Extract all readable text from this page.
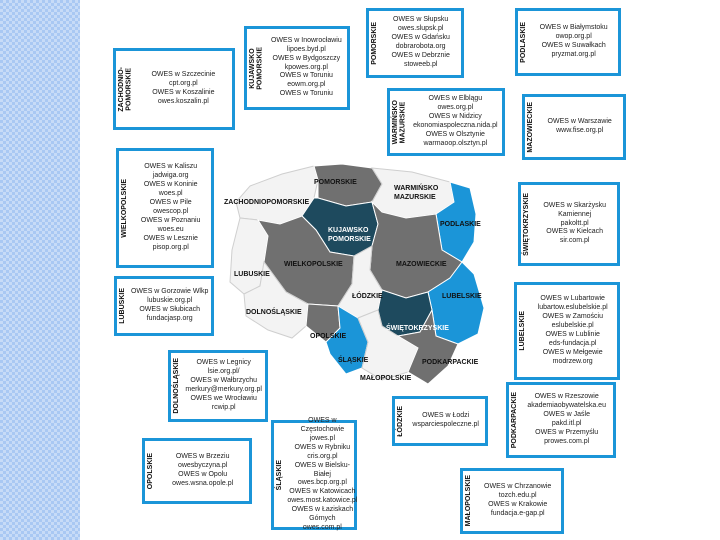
ZACHODNIO-
POMORSKIE	OWES w Szczecinie
cpt.org.pl
OWES w Koszalinie
owes.koszalin.pl
KUJAWSKO
POMORSKIE
OWES w Inowrocławiu
lipoes.byd.pl
OWES w Bydgoszczy
kpowes.org.pl
OWES w Toruniu
eowm.org.pl
OWES w Toruniu
POMORSKIE
OWES w Słupsku
owes.slupsk.pl
OWES w Gdańsku
dobrarobota.org
OWES w Debrznie
stoweeb.pl
PODLASKIE	OWES w Białymstoku
owop.org.pl
OWES w Suwałkach
pryzmat.org.pl
WARMIŃSKO
MAZURSKIE
OWES w Elblągu
owes.org.pl
OWES w Nidzicy
ekonomiaspoleczna.nida.pl
OWES w Olsztynie
warmaoop.olsztyn.pl	MAZOWIECKIE	OWES w Warszawie
www.fise.org.pl
WIELKOPOLSKIE
OWES w Kaliszu
jadwiga.org
OWES w Koninie
woes.pl
OWES w Pile
owescop.pl
OWES w Poznaniu
woes.eu
OWES w Lesznie
pisop.org.pl	ŚWIĘTOKRZYSKIE	OWES w Skarżysku
Kamiennej
pakoltt.pl
OWES w Kielcach
sir.com.pl
LUBUSKIE OWES w Gorzowie Wlkp
lubuskie.org.pl
OWES w Słubicach
fundacjasp.org	LUBELSKIE
OWES w Lubartowie
lubartow.eslubelskie.pl
OWES w Zamościu
eslubelskie.pl
OWES w Lublinie
eds-fundacja.pl
OWES w Mełgewie
modrzew.org
DOLNOŚLĄSKIE	OWES w Legnicy
lsie.org.pl/
OWES w Wałbrzychu
merkury@merkury.org.pl
OWES we Wrocławiu
rcwip.pl	PODKARPACKIE	OWES w Rzeszowie
akademiaobywatelska.eu
OWES w Jaśle
pakd.itl.pl
OWES w Przemyślu
prowes.com.pl
OPOLSKIE	OWES w Brzeziu
owesbyczyna.pl
OWES w Opolu
owes.wsna.opole.pl	ŚLĄSKIE
OWES w Częstochowie
jowes.pl
OWES w Rybniku
cris.org.pl
OWES w Bielsku-Białej
owes.bcp.org.pl
OWES w Katowicach
owes.most.katowice.pl
OWES w Łaziskach Górnych
owes.com.pl
ŁÓDZKIE	OWES w Łodzi
wsparciespoleczne.pl
MAŁOPOLSKIE	OWES w Chrzanowie
tozch.edu.pl
OWES w Krakowie
fundacja.e-gap.pl
POMORSKIE
ZACHODNIOPOMORSKIE
WARMIŃSKO MAZURSKIE
KUJAWSKO POMORSKIE
PODLASKIE
WIELKOPOLSKIE	MAZOWIECKIE
LUBUSKIE
ŁÓDZKIE	LUBELSKIE
DOLNOŚLĄSKIE
ŚWIĘTOKRZYSKIE
OPOLSKIE
ŚLĄSKIE	PODKARPACKIE
MAŁOPOLSKIE
